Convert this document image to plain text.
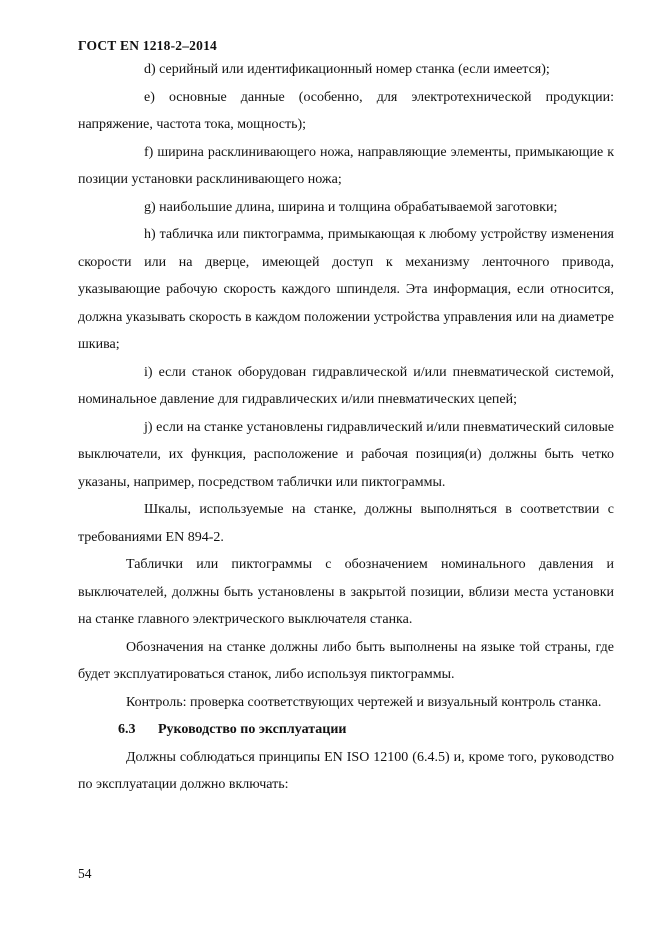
ГОСТ EN 1218-2–2014

d) серийный или идентификационный номер станка (если имеется);

e) основные данные (особенно, для электротехнической продукции: напряжение, частота тока, мощность);

f) ширина расклинивающего ножа, направляющие элементы, примыкающие к позиции установки расклинивающего ножа;

g) наибольшие длина, ширина и толщина обрабатываемой заготовки;

h) табличка или пиктограмма, примыкающая к любому устройству изменения скорости или на дверце, имеющей доступ к механизму ленточного привода, указывающие рабочую скорость каждого шпинделя. Эта информация, если относится, должна указывать скорость в каждом положении устройства управления или на диаметре шкива;

i) если станок оборудован гидравлической и/или пневматической системой, номинальное давление для гидравлических и/или пневматических цепей;

j) если на станке установлены гидравлический и/или пневматический силовые выключатели, их функция, расположение и рабочая позиция(и) должны быть четко указаны, например, посредством таблички или пиктограммы.

Шкалы, используемые на станке, должны выполняться в соответствии с требованиями EN 894-2.

Таблички или пиктограммы с обозначением номинального давления и выключателей, должны быть установлены в закрытой позиции, вблизи места установки на станке главного электрического выключателя станка.

Обозначения на станке должны либо быть выполнены на языке той страны, где будет эксплуатироваться станок, либо используя пиктограммы.

Контроль: проверка соответствующих чертежей и визуальный контроль станка.

6.3 Руководство по эксплуатации

Должны соблюдаться принципы EN ISO 12100 (6.4.5) и, кроме того, руководство по эксплуатации должно включать:

54
